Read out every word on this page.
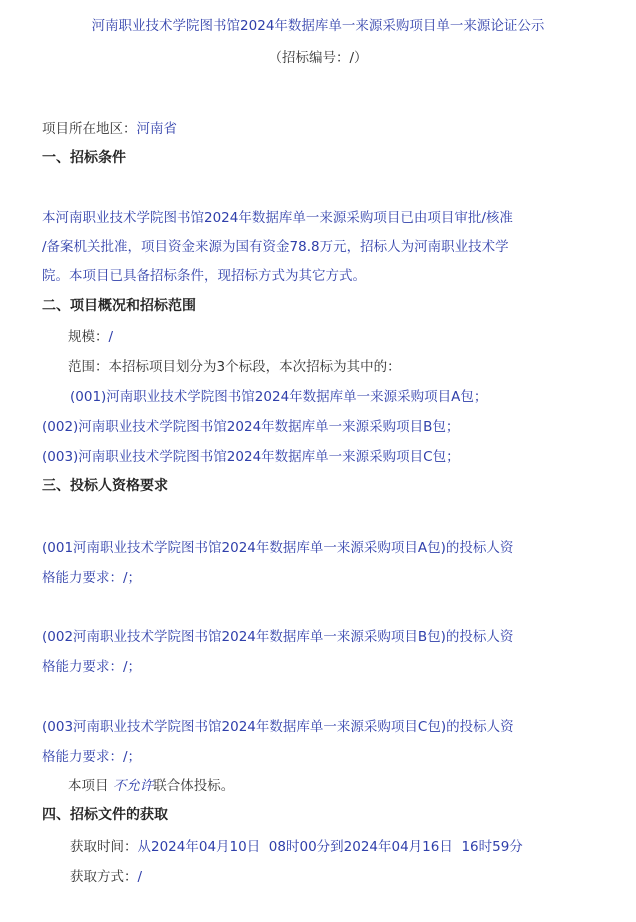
河南职业技术学院图书馆2024年数据库单一来源采购项目单一来源论证公示
（招标编号：/）
项目所在地区：河南省
一、招标条件
本河南职业技术学院图书馆2024年数据库单一来源采购项目已由项目审批/核准
/备案机关批准，项目资金来源为国有资金78.8万元，招标人为河南职业技术学
院。本项目已具备招标条件，现招标方式为其它方式。
二、项目概况和招标范围
规模：/
范围：本招标项目划分为3个标段，本次招标为其中的：
(001)河南职业技术学院图书馆2024年数据库单一来源采购项目A包；
(002)河南职业技术学院图书馆2024年数据库单一来源采购项目B包；
(003)河南职业技术学院图书馆2024年数据库单一来源采购项目C包；
三、投标人资格要求
(001河南职业技术学院图书馆2024年数据库单一来源采购项目A包)的投标人资
格能力要求：/；
(002河南职业技术学院图书馆2024年数据库单一来源采购项目B包)的投标人资
格能力要求：/；
(003河南职业技术学院图书馆2024年数据库单一来源采购项目C包)的投标人资
格能力要求：/；
本项目 不允许联合体投标。
四、招标文件的获取
获取时间：从2024年04月10日  08时00分到2024年04月16日  16时59分
获取方式：/
